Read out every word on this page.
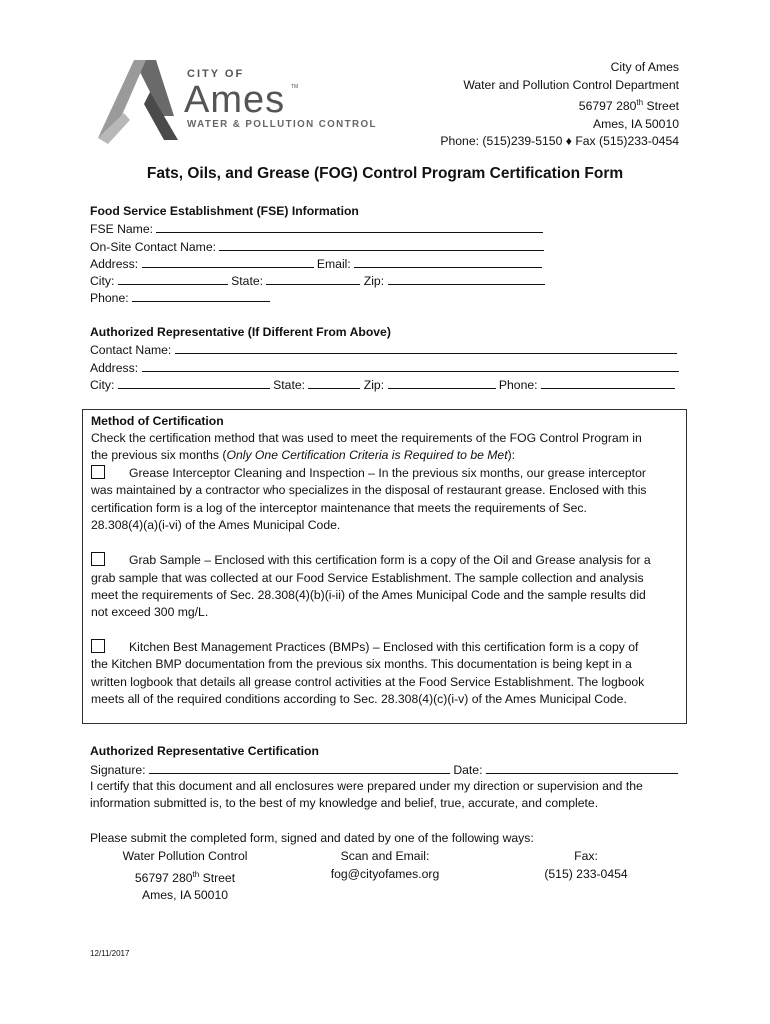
CITY OF
Ames TM
WATER & POLLUTION CONTROL
City of Ames
Water and Pollution Control Department
56797 280th Street
Ames, IA 50010
Phone: (515)239-5150 ♦ Fax (515)233-0454
Fats, Oils, and Grease (FOG) Control Program Certification Form
Food Service Establishment (FSE) Information
FSE Name:
On-Site Contact Name:
Address:	Email:
City:	State:	Zip:
Phone:
Authorized Representative (If Different From Above)
Contact Name:
Address:
City:	State:	Zip:	Phone:
Method of Certification
Check the certification method that was used to meet the requirements of the FOG Control Program in
the previous six months (Only One Certification Criteria is Required to be Met):
Grease Interceptor Cleaning and Inspection – In the previous six months, our grease interceptor
was maintained by a contractor who specializes in the disposal of restaurant grease. Enclosed with this
certification form is a log of the interceptor maintenance that meets the requirements of Sec.
28.308(4)(a)(i-vi) of the Ames Municipal Code.
Grab Sample – Enclosed with this certification form is a copy of the Oil and Grease analysis for a
grab sample that was collected at our Food Service Establishment. The sample collection and analysis
meet the requirements of Sec. 28.308(4)(b)(i-ii) of the Ames Municipal Code and the sample results did
not exceed 300 mg/L.
Kitchen Best Management Practices (BMPs) – Enclosed with this certification form is a copy of
the Kitchen BMP documentation from the previous six months. This documentation is being kept in a
written logbook that details all grease control activities at the Food Service Establishment. The logbook
meets all of the required conditions according to Sec. 28.308(4)(c)(i-v) of the Ames Municipal Code.
Authorized Representative Certification
Signature:	Date:
I certify that this document and all enclosures were prepared under my direction or supervision and the
information submitted is, to the best of my knowledge and belief, true, accurate, and complete.
Please submit the completed form, signed and dated by one of the following ways:
Water Pollution Control
56797 280th Street
Ames, IA 50010
Scan and Email:
fog@cityofames.org
Fax:
(515) 233-0454
12/11/2017
